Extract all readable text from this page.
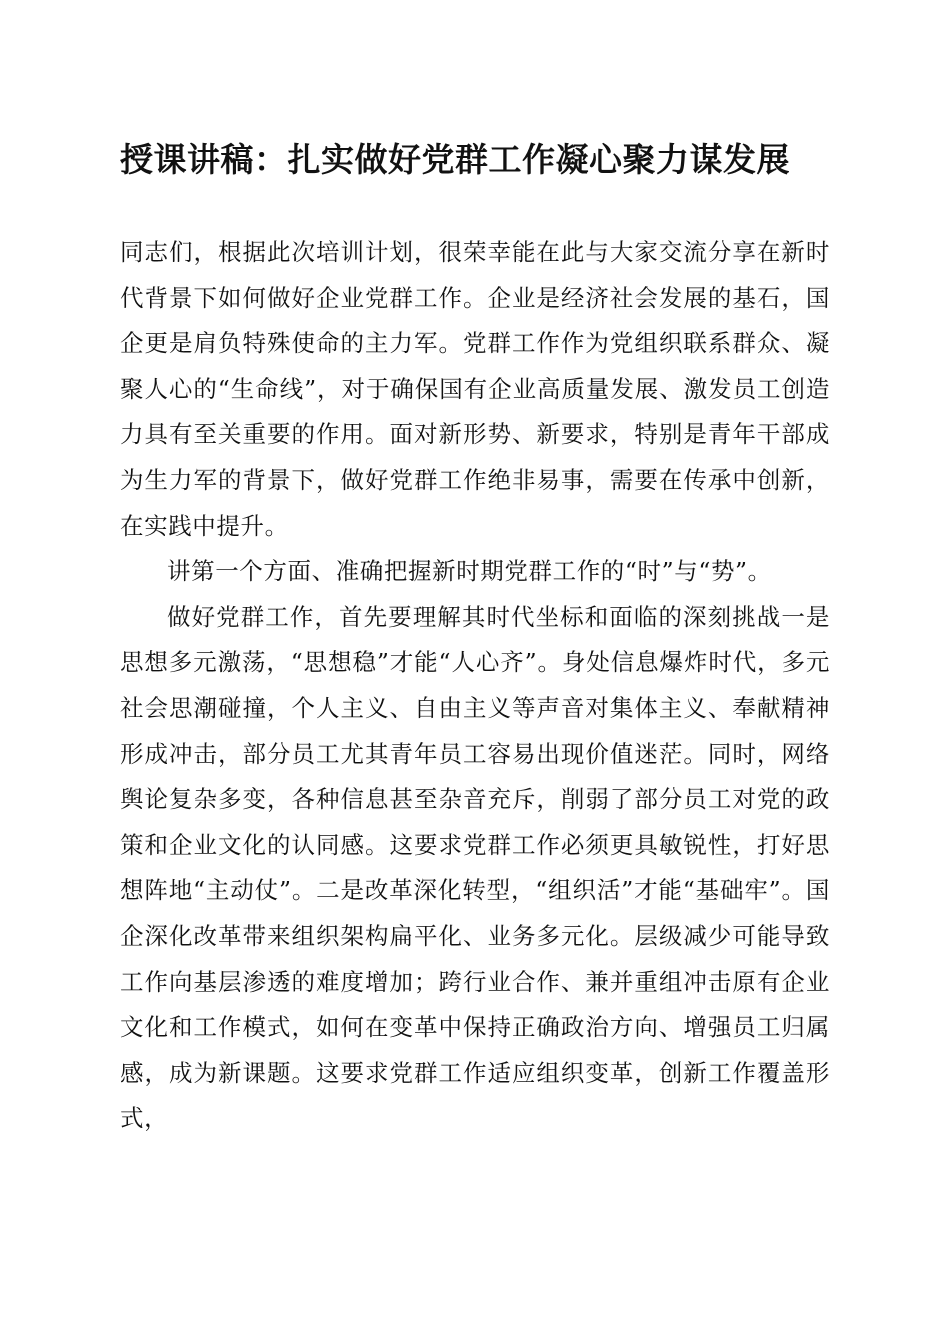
授课讲稿：扎实做好党群工作凝心聚力谋发展

同志们，根据此次培训计划，很荣幸能在此与大家交流分享在新时代背景下如何做好企业党群工作。企业是经济社会发展的基石，国企更是肩负特殊使命的主力军。党群工作作为党组织联系群众、凝聚人心的“生命线”，对于确保国有企业高质量发展、激发员工创造力具有至关重要的作用。面对新形势、新要求，特别是青年干部成为生力军的背景下，做好党群工作绝非易事，需要在传承中创新，在实践中提升。

讲第一个方面、准确把握新时期党群工作的“时”与“势”。

做好党群工作，首先要理解其时代坐标和面临的深刻挑战一是思想多元激荡，“思想稳”才能“人心齐”。身处信息爆炸时代，多元社会思潮碰撞，个人主义、自由主义等声音对集体主义、奉献精神形成冲击，部分员工尤其青年员工容易出现价值迷茫。同时，网络舆论复杂多变，各种信息甚至杂音充斥，削弱了部分员工对党的政策和企业文化的认同感。这要求党群工作必须更具敏锐性，打好思想阵地“主动仗”。二是改革深化转型，“组织活”才能“基础牢”。国企深化改革带来组织架构扁平化、业务多元化。层级减少可能导致工作向基层渗透的难度增加；跨行业合作、兼并重组冲击原有企业文化和工作模式，如何在变革中保持正确政治方向、增强员工归属感，成为新课题。这要求党群工作适应组织变革，创新工作覆盖形式，
